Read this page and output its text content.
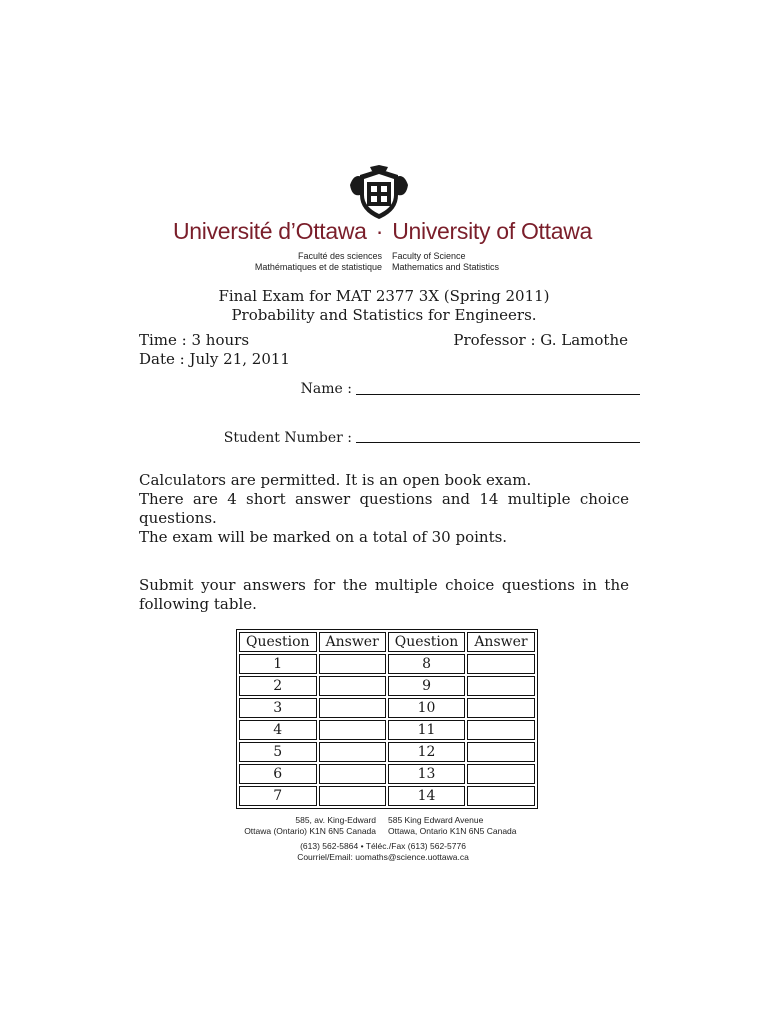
Université d’Ottawa · University of Ottawa
Faculté des sciences
Mathématiques et de statistique
Faculty of Science
Mathematics and Statistics
Final Exam for MAT 2377 3X (Spring 2011)
Probability and Statistics for Engineers.
Time : 3 hours	Professor : G. Lamothe
Date : July 21, 2011
Name :
Student Number :
Calculators are permitted. It is an open book exam.
There are 4 short answer questions and 14 multiple choice questions.
The exam will be marked on a total of 30 points.
Submit your answers for the multiple choice questions in the following table.
Question	Answer	Question	Answer
1		8	
2		9	
3		10	
4		11	
5		12	
6		13	
7		14	
585, av. King-Edward
Ottawa (Ontario) K1N 6N5 Canada
585 King Edward Avenue
Ottawa, Ontario K1N 6N5 Canada
(613) 562-5864 • Téléc./Fax (613) 562-5776
Courriel/Email: uomaths@science.uottawa.ca
